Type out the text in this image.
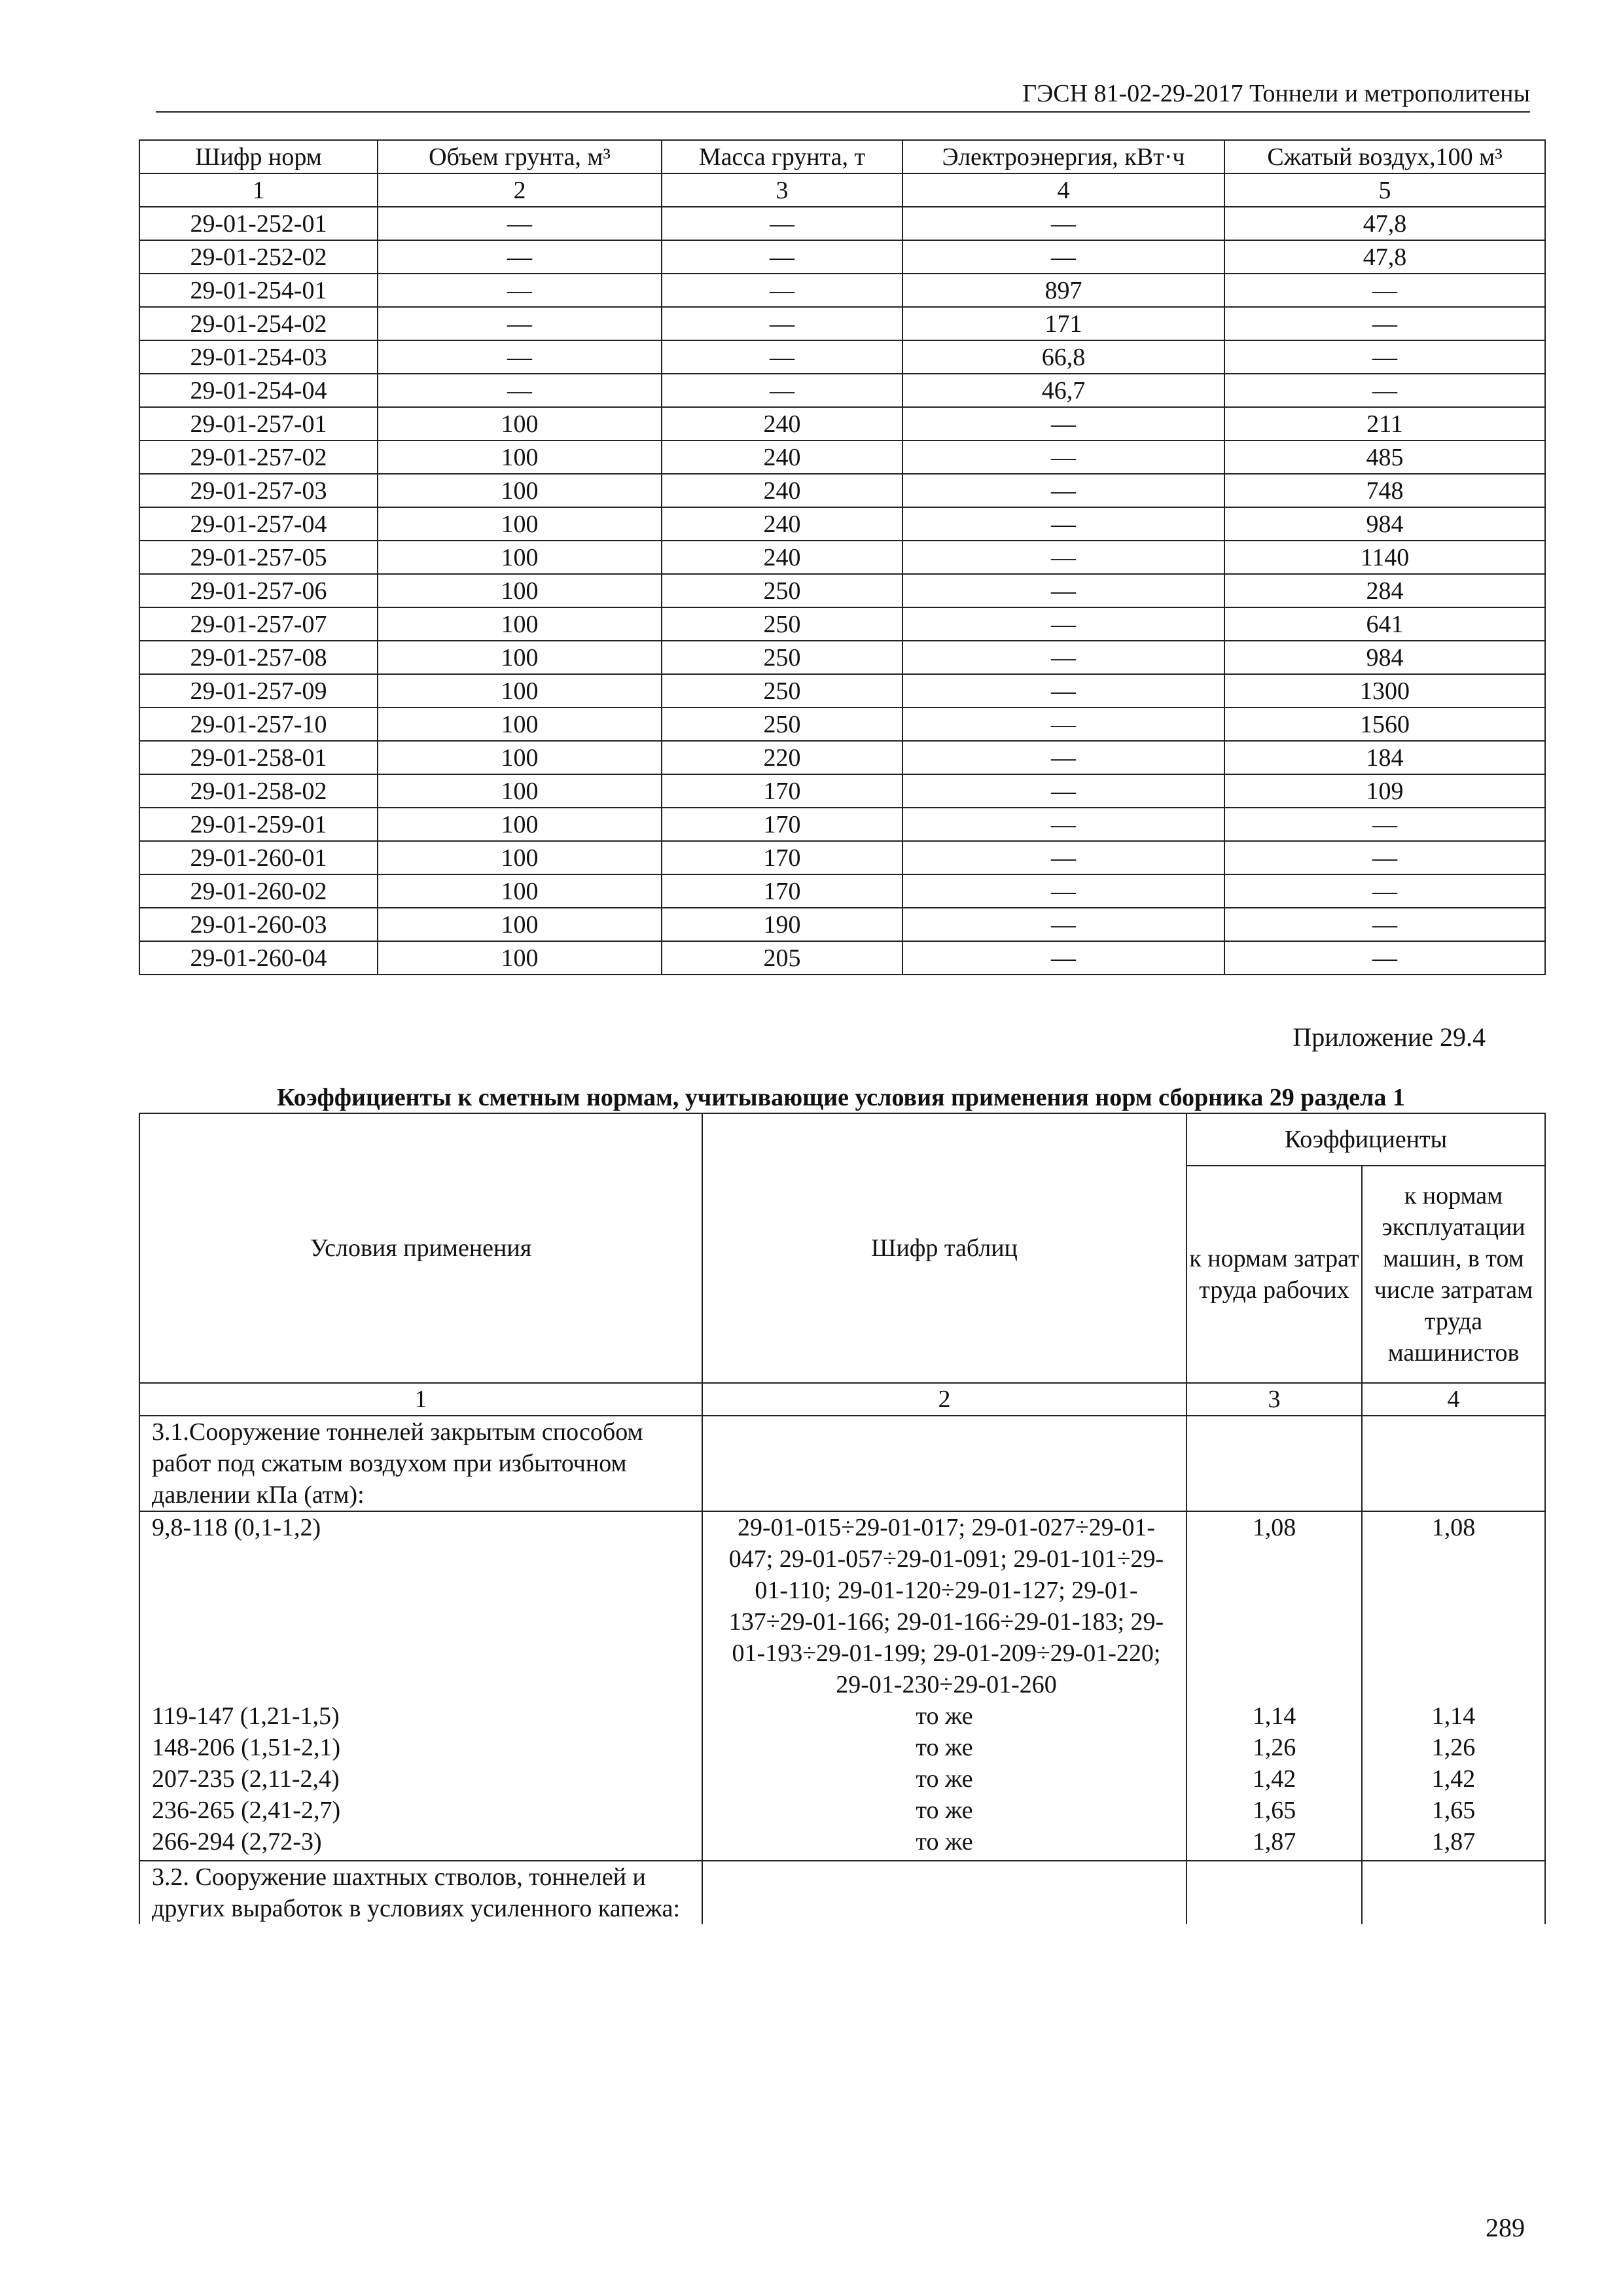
ГЭСН 81-02-29-2017 Тоннели и метрополитены
Шифр норм	Объем грунта, м³	Масса грунта, т	Электроэнергия, кВт·ч	Сжатый воздух,100 м³
1	2	3	4	5
29-01-252-01	—	—	—	47,8
29-01-252-02	—	—	—	47,8
29-01-254-01	—	—	897	—
29-01-254-02	—	—	171	—
29-01-254-03	—	—	66,8	—
29-01-254-04	—	—	46,7	—
29-01-257-01	100	240	—	211
29-01-257-02	100	240	—	485
29-01-257-03	100	240	—	748
29-01-257-04	100	240	—	984
29-01-257-05	100	240	—	1140
29-01-257-06	100	250	—	284
29-01-257-07	100	250	—	641
29-01-257-08	100	250	—	984
29-01-257-09	100	250	—	1300
29-01-257-10	100	250	—	1560
29-01-258-01	100	220	—	184
29-01-258-02	100	170	—	109
29-01-259-01	100	170	—	—
29-01-260-01	100	170	—	—
29-01-260-02	100	170	—	—
29-01-260-03	100	190	—	—
29-01-260-04	100	205	—	—
Приложение 29.4
Коэффициенты к сметным нормам, учитывающие условия применения норм сборника 29 раздела 1
Условия применения	Шифр таблиц	Коэффициенты	
		к нормам затрат труда рабочих	к нормам эксплуатации машин, в том числе затратам труда машинистов
1	2	3	4
3.1.Сооружение тоннелей закрытым способом работ под сжатым воздухом при избыточном давлении кПа (атм):			
9,8-118 (0,1-1,2)	29-01-015÷29-01-017; 29-01-027÷29-01-047; 29-01-057÷29-01-091; 29-01-101÷29-01-110; 29-01-120÷29-01-127; 29-01-137÷29-01-166; 29-01-166÷29-01-183; 29-01-193÷29-01-199; 29-01-209÷29-01-220; 29-01-230÷29-01-260	1,08	1,08
119-147 (1,21-1,5)	то же	1,14	1,14
148-206 (1,51-2,1)	то же	1,26	1,26
207-235 (2,11-2,4)	то же	1,42	1,42
236-265 (2,41-2,7)	то же	1,65	1,65
266-294 (2,72-3)	то же	1,87	1,87
3.2. Сооружение шахтных стволов, тоннелей и других выработок в условиях усиленного капежа:			
289
